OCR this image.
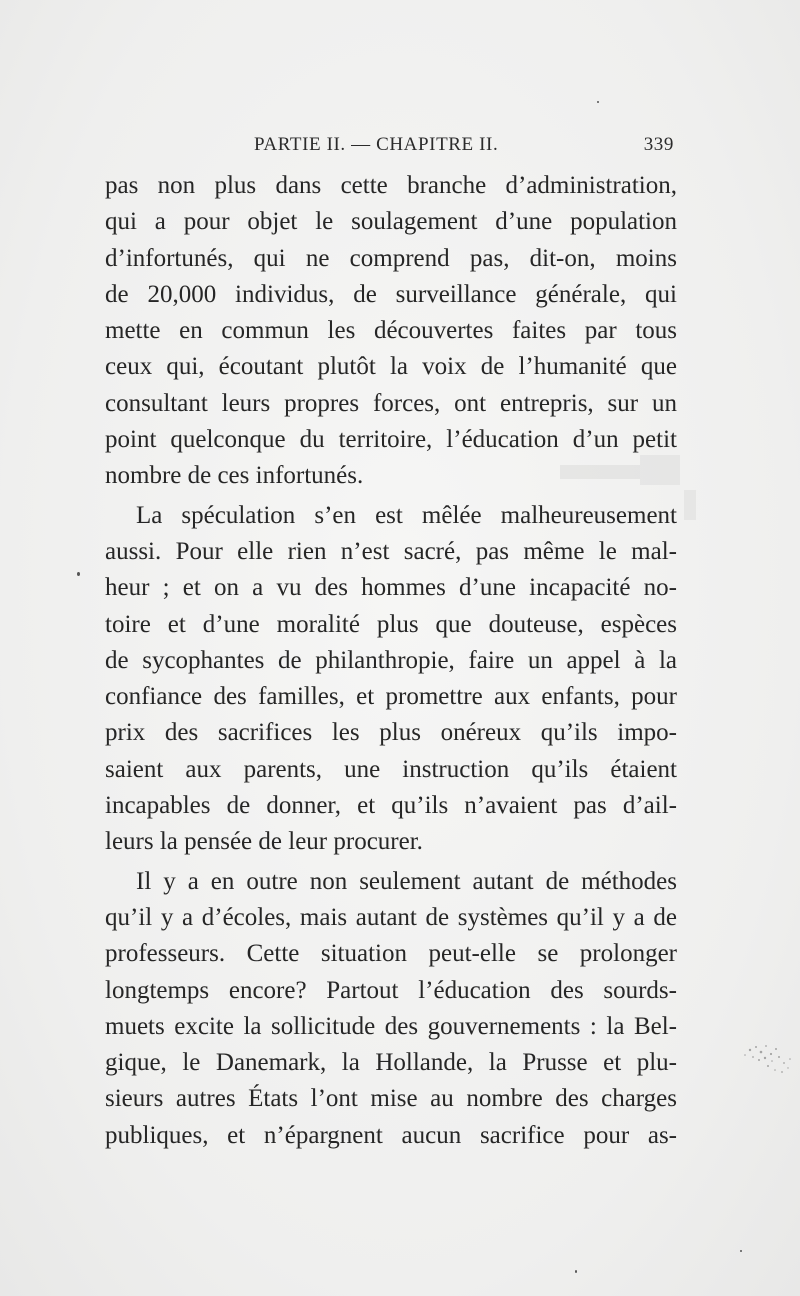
PARTIE II. — CHAPITRE II.	339
pas non plus dans cette branche d’administration,
qui a pour objet le soulagement d’une population
d’infortunés, qui ne comprend pas, dit-on, moins
de 20,000 individus, de surveillance générale, qui
mette en commun les découvertes faites par tous
ceux qui, écoutant plutôt la voix de l’humanité que
consultant leurs propres forces, ont entrepris, sur un
point quelconque du territoire, l’éducation d’un petit
nombre de ces infortunés.
La spéculation s’en est mêlée malheureusement
aussi. Pour elle rien n’est sacré, pas même le mal-
heur ; et on a vu des hommes d’une incapacité no-
toire et d’une moralité plus que douteuse, espèces
de sycophantes de philanthropie, faire un appel à la
confiance des familles, et promettre aux enfants, pour
prix des sacrifices les plus onéreux qu’ils impo-
saient aux parents, une instruction qu’ils étaient
incapables de donner, et qu’ils n’avaient pas d’ail-
leurs la pensée de leur procurer.
Il y a en outre non seulement autant de méthodes
qu’il y a d’écoles, mais autant de systèmes qu’il y a de
professeurs. Cette situation peut-elle se prolonger
longtemps encore? Partout l’éducation des sourds-
muets excite la sollicitude des gouvernements : la Bel-
gique, le Danemark, la Hollande, la Prusse et plu-
sieurs autres États l’ont mise au nombre des charges
publiques, et n’épargnent aucun sacrifice pour as-
